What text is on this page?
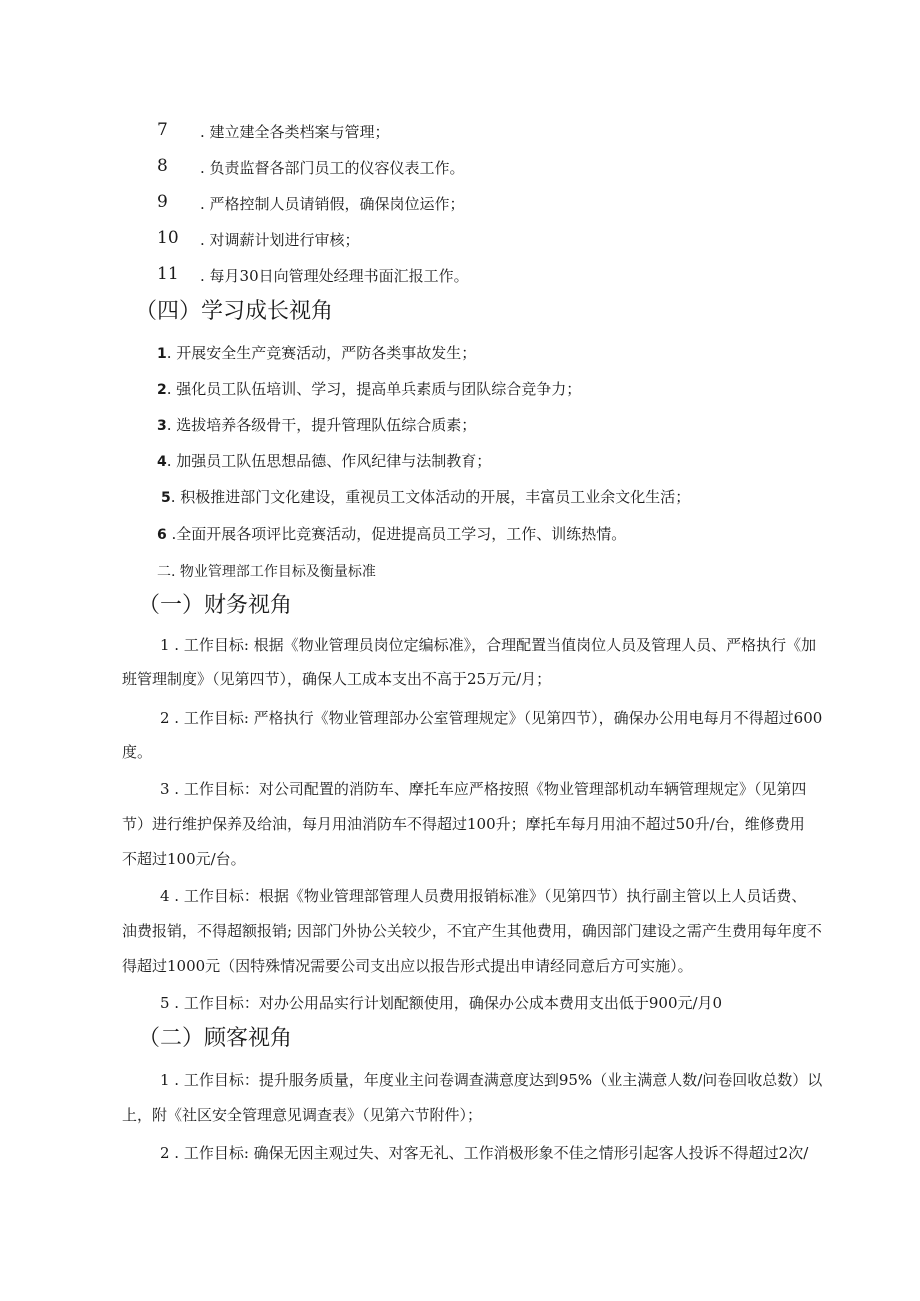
7 . 建立建全各类档案与管理；
8 . 负责监督各部门员工的仪容仪表工作。
9 . 严格控制人员请销假，确保岗位运作；
10 . 对调薪计划进行审核；
11 . 每月30日向管理处经理书面汇报工作。
（四）学习成长视角
1. 开展安全生产竞赛活动，严防各类事故发生；
2. 强化员工队伍培训、学习，提高单兵素质与团队综合竞争力；
3. 选拔培养各级骨干，提升管理队伍综合质素；
4. 加强员工队伍思想品德、作风纪律与法制教育；
5. 积极推进部门文化建设，重视员工文体活动的开展，丰富员工业余文化生活；
6 .全面开展各项评比竞赛活动，促进提高员工学习，工作、训练热情。
二. 物业管理部工作目标及衡量标准
（一）财务视角
1 . 工作目标: 根据《物业管理员岗位定编标准》，合理配置当值岗位人员及管理人员、严格执行《加
班管理制度》（见第四节），确保人工成本支出不高于25万元/月；
2 . 工作目标: 严格执行《物业管理部办公室管理规定》（见第四节），确保办公用电每月不得超过600
度。
3 . 工作目标：对公司配置的消防车、摩托车应严格按照《物业管理部机动车辆管理规定》（见第四
节）进行维护保养及给油，每月用油消防车不得超过100升；摩托车每月用油不超过50升/台，维修费用
不超过100元/台。
4 . 工作目标：根据《物业管理部管理人员费用报销标准》（见第四节）执行副主管以上人员话费、
油费报销，不得超额报销; 因部门外协公关较少，不宜产生其他费用，确因部门建设之需产生费用每年度不
得超过1000元（因特殊情况需要公司支出应以报告形式提出申请经同意后方可实施）。
5 . 工作目标：对办公用品实行计划配额使用，确保办公成本费用支出低于900元/月0
（二）顾客视角
1 . 工作目标：提升服务质量，年度业主问卷调查满意度达到95%（业主满意人数/问卷回收总数）以
上，附《社区安全管理意见调查表》（见第六节附件）；
2 . 工作目标: 确保无因主观过失、对客无礼、工作消极形象不佳之情形引起客人投诉不得超过2次/
